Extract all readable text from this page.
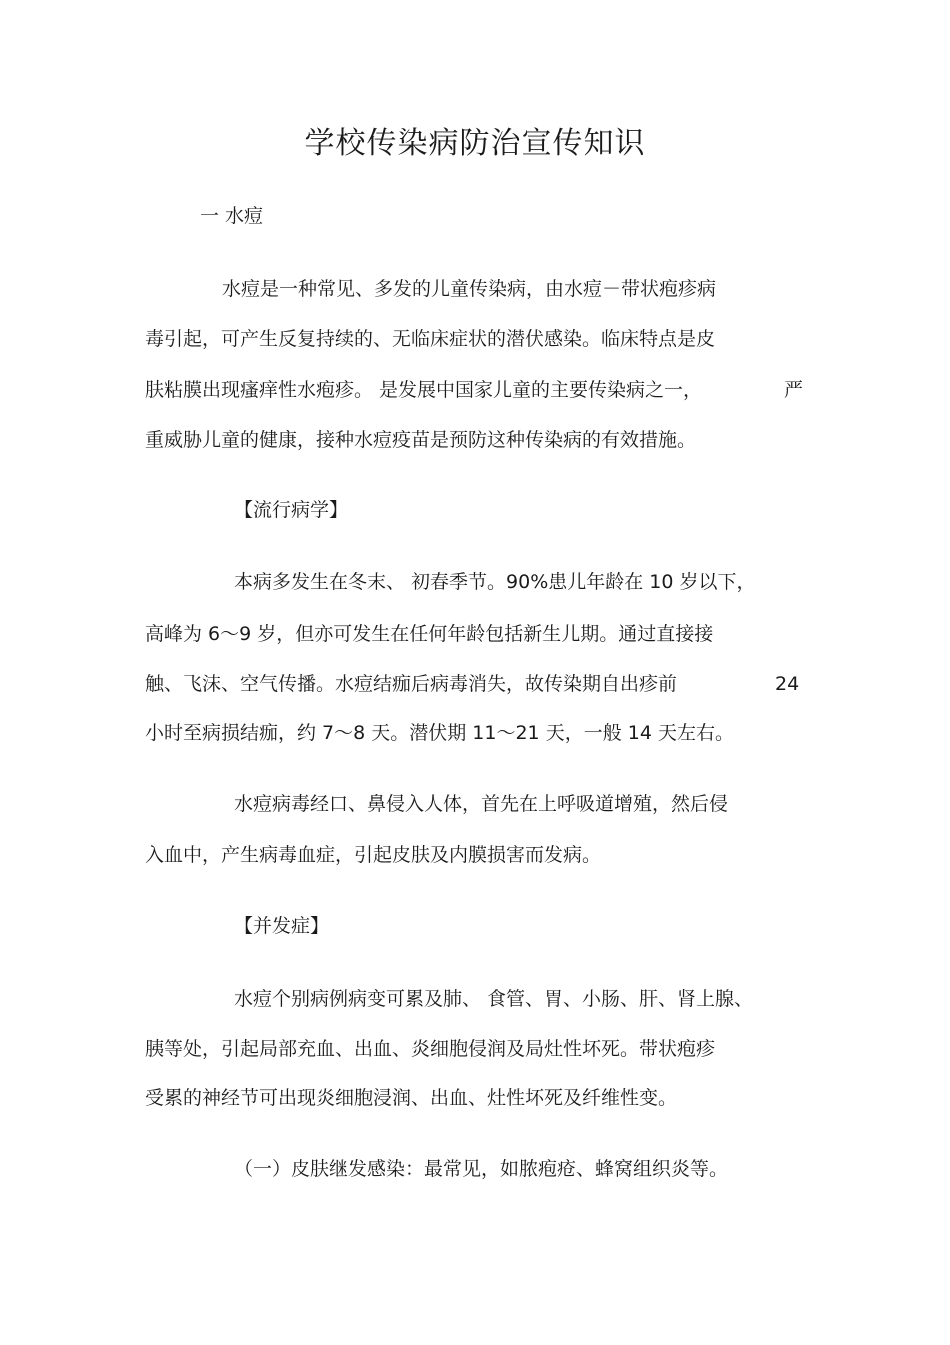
学校传染病防治宣传知识
一 水痘
水痘是一种常见、多发的儿童传染病，由水痘－带状疱疹病
毒引起，可产生反复持续的、无临床症状的潜伏感染。临床特点是皮
肤粘膜出现瘙痒性水疱疹。 是发展中国家儿童的主要传染病之一，	严
重威胁儿童的健康，接种水痘疫苗是预防这种传染病的有效措施。
【流行病学】
本病多发生在冬末、 初春季节。90%患儿年龄在 10 岁以下，
高峰为 6～9 岁，但亦可发生在任何年龄包括新生儿期。通过直接接
触、飞沫、空气传播。水痘结痂后病毒消失，故传染期自出疹前	24
小时至病损结痂，约 7～8 天。潜伏期 11～21 天，一般 14 天左右。
水痘病毒经口、鼻侵入人体，首先在上呼吸道增殖，然后侵
入血中，产生病毒血症，引起皮肤及内膜损害而发病。
【并发症】
水痘个别病例病变可累及肺、 食管、胃、小肠、肝、肾上腺、
胰等处，引起局部充血、出血、炎细胞侵润及局灶性坏死。带状疱疹
受累的神经节可出现炎细胞浸润、出血、灶性坏死及纤维性变。
（一）皮肤继发感染：最常见，如脓疱疮、蜂窝组织炎等。
